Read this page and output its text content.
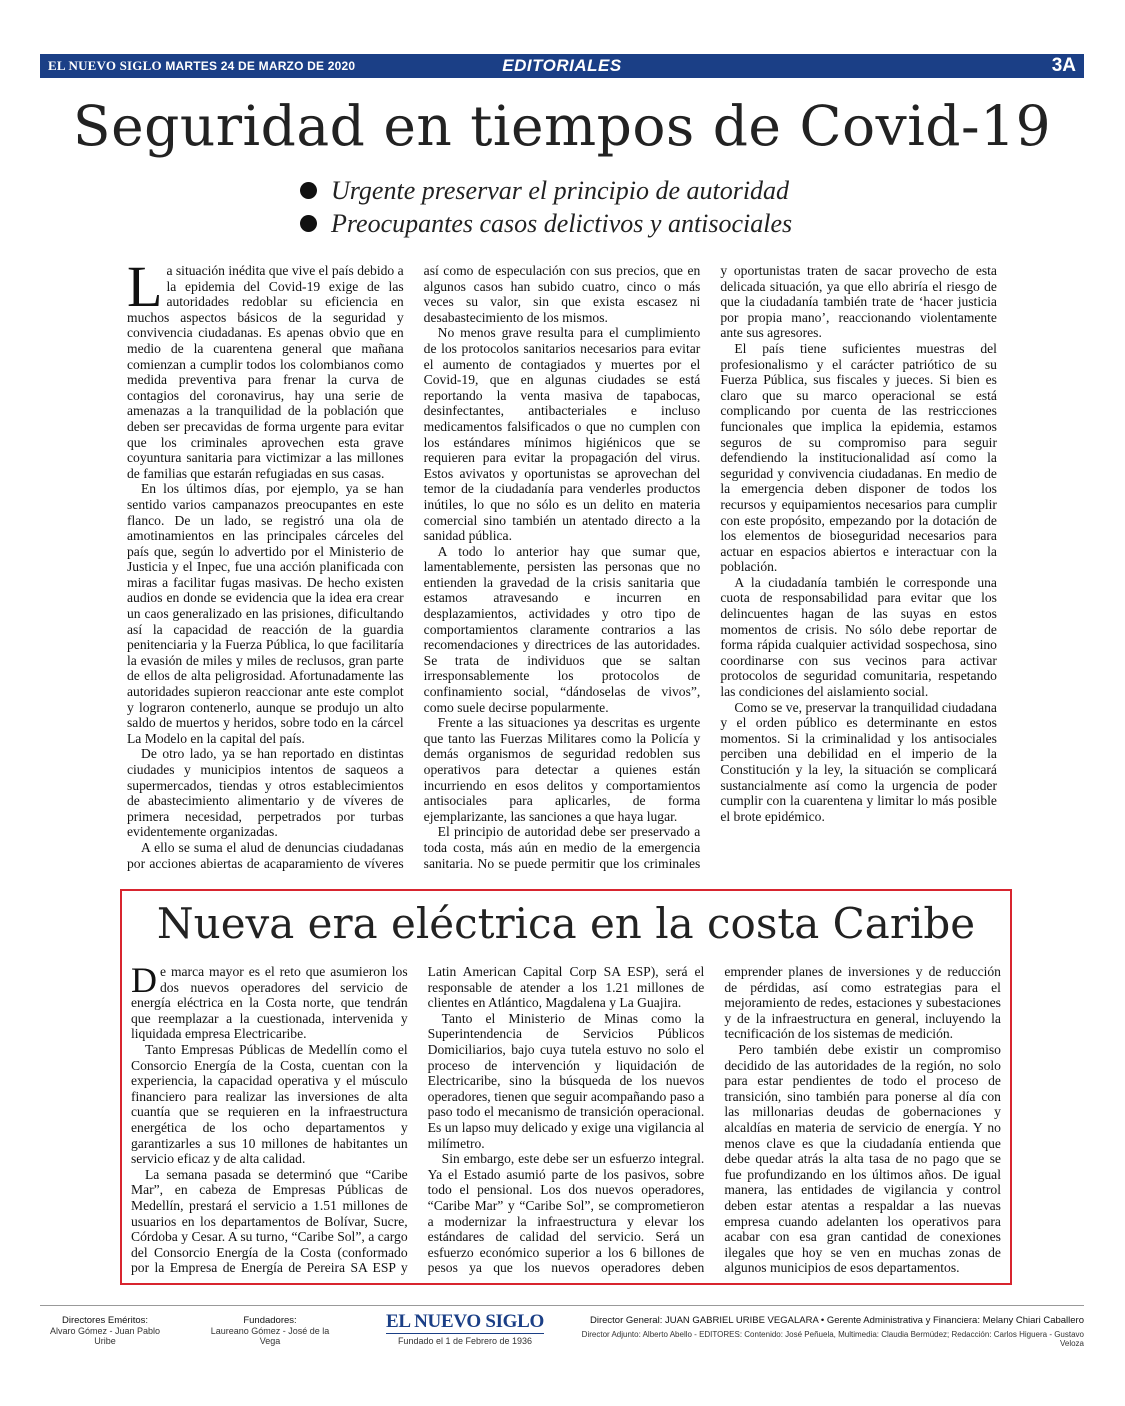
EL NUEVO SIGLO MARTES 24 DE MARZO DE 2020	EDITORIALES	3A
Seguridad en tiempos de Covid-19
Urgente preservar el principio de autoridad
Preocupantes casos delictivos y antisociales

La situación inédita que vive el país debido a la epidemia del Covid-19 exige de las autoridades redoblar su eficiencia en muchos aspectos básicos de la seguridad y convivencia ciudadanas. Es apenas obvio que en medio de la cuarentena general que mañana comienzan a cumplir todos los colombianos como medida preventiva para frenar la curva de contagios del coronavirus, hay una serie de amenazas a la tranquilidad de la población que deben ser precavidas de forma urgente para evitar que los criminales aprovechen esta grave coyuntura sanitaria para victimizar a las millones de familias que estarán refugiadas en sus casas.

En los últimos días, por ejemplo, ya se han sentido varios campanazos preocupantes en este flanco. De un lado, se registró una ola de amotinamientos en las principales cárceles del país que, según lo advertido por el Ministerio de Justicia y el Inpec, fue una acción planificada con miras a facilitar fugas masivas. De hecho existen audios en donde se evidencia que la idea era crear un caos generalizado en las prisiones, dificultando así la capacidad de reacción de la guardia penitenciaria y la Fuerza Pública, lo que facilitaría la evasión de miles y miles de reclusos, gran parte de ellos de alta peligrosidad. Afortunadamente las autoridades supieron reaccionar ante este complot y lograron contenerlo, aunque se produjo un alto saldo de muertos y heridos, sobre todo en la cárcel La Modelo en la capital del país.

De otro lado, ya se han reportado en distintas ciudades y municipios intentos de saqueos a supermercados, tiendas y otros establecimientos de abastecimiento alimentario y de víveres de primera necesidad, perpetrados por turbas evidentemente organizadas.

A ello se suma el alud de denuncias ciudadanas por acciones abiertas de acaparamiento de víveres así como de especulación con sus precios, que en algunos casos han subido cuatro, cinco o más veces su valor, sin que exista escasez ni desabastecimiento de los mismos.

No menos grave resulta para el cumplimiento de los protocolos sanitarios necesarios para evitar el aumento de contagiados y muertes por el Covid-19, que en algunas ciudades se está reportando la venta masiva de tapabocas, desinfectantes, antibacteriales e incluso medicamentos falsificados o que no cumplen con los estándares mínimos higiénicos que se requieren para evitar la propagación del virus. Estos avivatos y oportunistas se aprovechan del temor de la ciudadanía para venderles productos inútiles, lo que no sólo es un delito en materia comercial sino también un atentado directo a la sanidad pública.

A todo lo anterior hay que sumar que, lamentablemente, persisten las personas que no entienden la gravedad de la crisis sanitaria que estamos atravesando e incurren en desplazamientos, actividades y otro tipo de comportamientos claramente contrarios a las recomendaciones y directrices de las autoridades. Se trata de individuos que se saltan irresponsablemente los protocolos de confinamiento social, “dándoselas de vivos”, como suele decirse popularmente.

Frente a las situaciones ya descritas es urgente que tanto las Fuerzas Militares como la Policía y demás organismos de seguridad redoblen sus operativos para detectar a quienes están incurriendo en esos delitos y comportamientos antisociales para aplicarles, de forma ejemplarizante, las sanciones a que haya lugar.

El principio de autoridad debe ser preservado a toda costa, más aún en medio de la emergencia sanitaria. No se puede permitir que los criminales y oportunistas traten de sacar provecho de esta delicada situación, ya que ello abriría el riesgo de que la ciudadanía también trate de ‘hacer justicia por propia mano’, reaccionando violentamente ante sus agresores.

El país tiene suficientes muestras del profesionalismo y el carácter patriótico de su Fuerza Pública, sus fiscales y jueces. Si bien es claro que su marco operacional se está complicando por cuenta de las restricciones funcionales que implica la epidemia, estamos seguros de su compromiso para seguir defendiendo la institucionalidad así como la seguridad y convivencia ciudadanas. En medio de la emergencia deben disponer de todos los recursos y equipamientos necesarios para cumplir con este propósito, empezando por la dotación de los elementos de bioseguridad necesarios para actuar en espacios abiertos e interactuar con la población.

A la ciudadanía también le corresponde una cuota de responsabilidad para evitar que los delincuentes hagan de las suyas en estos momentos de crisis. No sólo debe reportar de forma rápida cualquier actividad sospechosa, sino coordinarse con sus vecinos para activar protocolos de seguridad comunitaria, respetando las condiciones del aislamiento social.

Como se ve, preservar la tranquilidad ciudadana y el orden público es determinante en estos momentos. Si la criminalidad y los antisociales perciben una debilidad en el imperio de la Constitución y la ley, la situación se complicará sustancialmente así como la urgencia de poder cumplir con la cuarentena y limitar lo más posible el brote epidémico.

Nueva era eléctrica en la costa Caribe

De marca mayor es el reto que asumieron los dos nuevos operadores del servicio de energía eléctrica en la Costa norte, que tendrán que reemplazar a la cuestionada, intervenida y liquidada empresa Electricaribe.

Tanto Empresas Públicas de Medellín como el Consorcio Energía de la Costa, cuentan con la experiencia, la capacidad operativa y el músculo financiero para realizar las inversiones de alta cuantía que se requieren en la infraestructura energética de los ocho departamentos y garantizarles a sus 10 millones de habitantes un servicio eficaz y de alta calidad.

La semana pasada se determinó que “Caribe Mar”, en cabeza de Empresas Públicas de Medellín, prestará el servicio a 1.51 millones de usuarios en los departamentos de Bolívar, Sucre, Córdoba y Cesar. A su turno, “Caribe Sol”, a cargo del Consorcio Energía de la Costa (conformado por la Empresa de Energía de Pereira SA ESP y Latin American Capital Corp SA ESP), será el responsable de atender a los 1.21 millones de clientes en Atlántico, Magdalena y La Guajira.

Tanto el Ministerio de Minas como la Superintendencia de Servicios Públicos Domiciliarios, bajo cuya tutela estuvo no solo el proceso de intervención y liquidación de Electricaribe, sino la búsqueda de los nuevos operadores, tienen que seguir acompañando paso a paso todo el mecanismo de transición operacional. Es un lapso muy delicado y exige una vigilancia al milímetro.

Sin embargo, este debe ser un esfuerzo integral. Ya el Estado asumió parte de los pasivos, sobre todo el pensional. Los dos nuevos operadores, “Caribe Mar” y “Caribe Sol”, se comprometieron a modernizar la infraestructura y elevar los estándares de calidad del servicio. Será un esfuerzo económico superior a los 6 billones de pesos ya que los nuevos operadores deben emprender planes de inversiones y de reducción de pérdidas, así como estrategias para el mejoramiento de redes, estaciones y subestaciones y de la infraestructura en general, incluyendo la tecnificación de los sistemas de medición.

Pero también debe existir un compromiso decidido de las autoridades de la región, no solo para estar pendientes de todo el proceso de transición, sino también para ponerse al día con las millonarias deudas de gobernaciones y alcaldías en materia de servicio de energía. Y no menos clave es que la ciudadanía entienda que debe quedar atrás la alta tasa de no pago que se fue profundizando en los últimos años. De igual manera, las entidades de vigilancia y control deben estar atentas a respaldar a las nuevas empresa cuando adelanten los operativos para acabar con esa gran cantidad de conexiones ilegales que hoy se ven en muchas zonas de algunos municipios de esos departamentos.

Directores Eméritos:
Alvaro Gómez - Juan Pablo Uribe
Fundadores:
Laureano Gómez - José de la Vega
EL NUEVO SIGLO
Fundado el 1 de Febrero de 1936
Director General: JUAN GABRIEL URIBE VEGALARA • Gerente Administrativa y Financiera: Melany Chiari Caballero
Director Adjunto: Alberto Abello - EDITORES: Contenido: José Peñuela, Multimedia: Claudia Bermúdez; Redacción: Carlos Higuera - Gustavo Veloza
